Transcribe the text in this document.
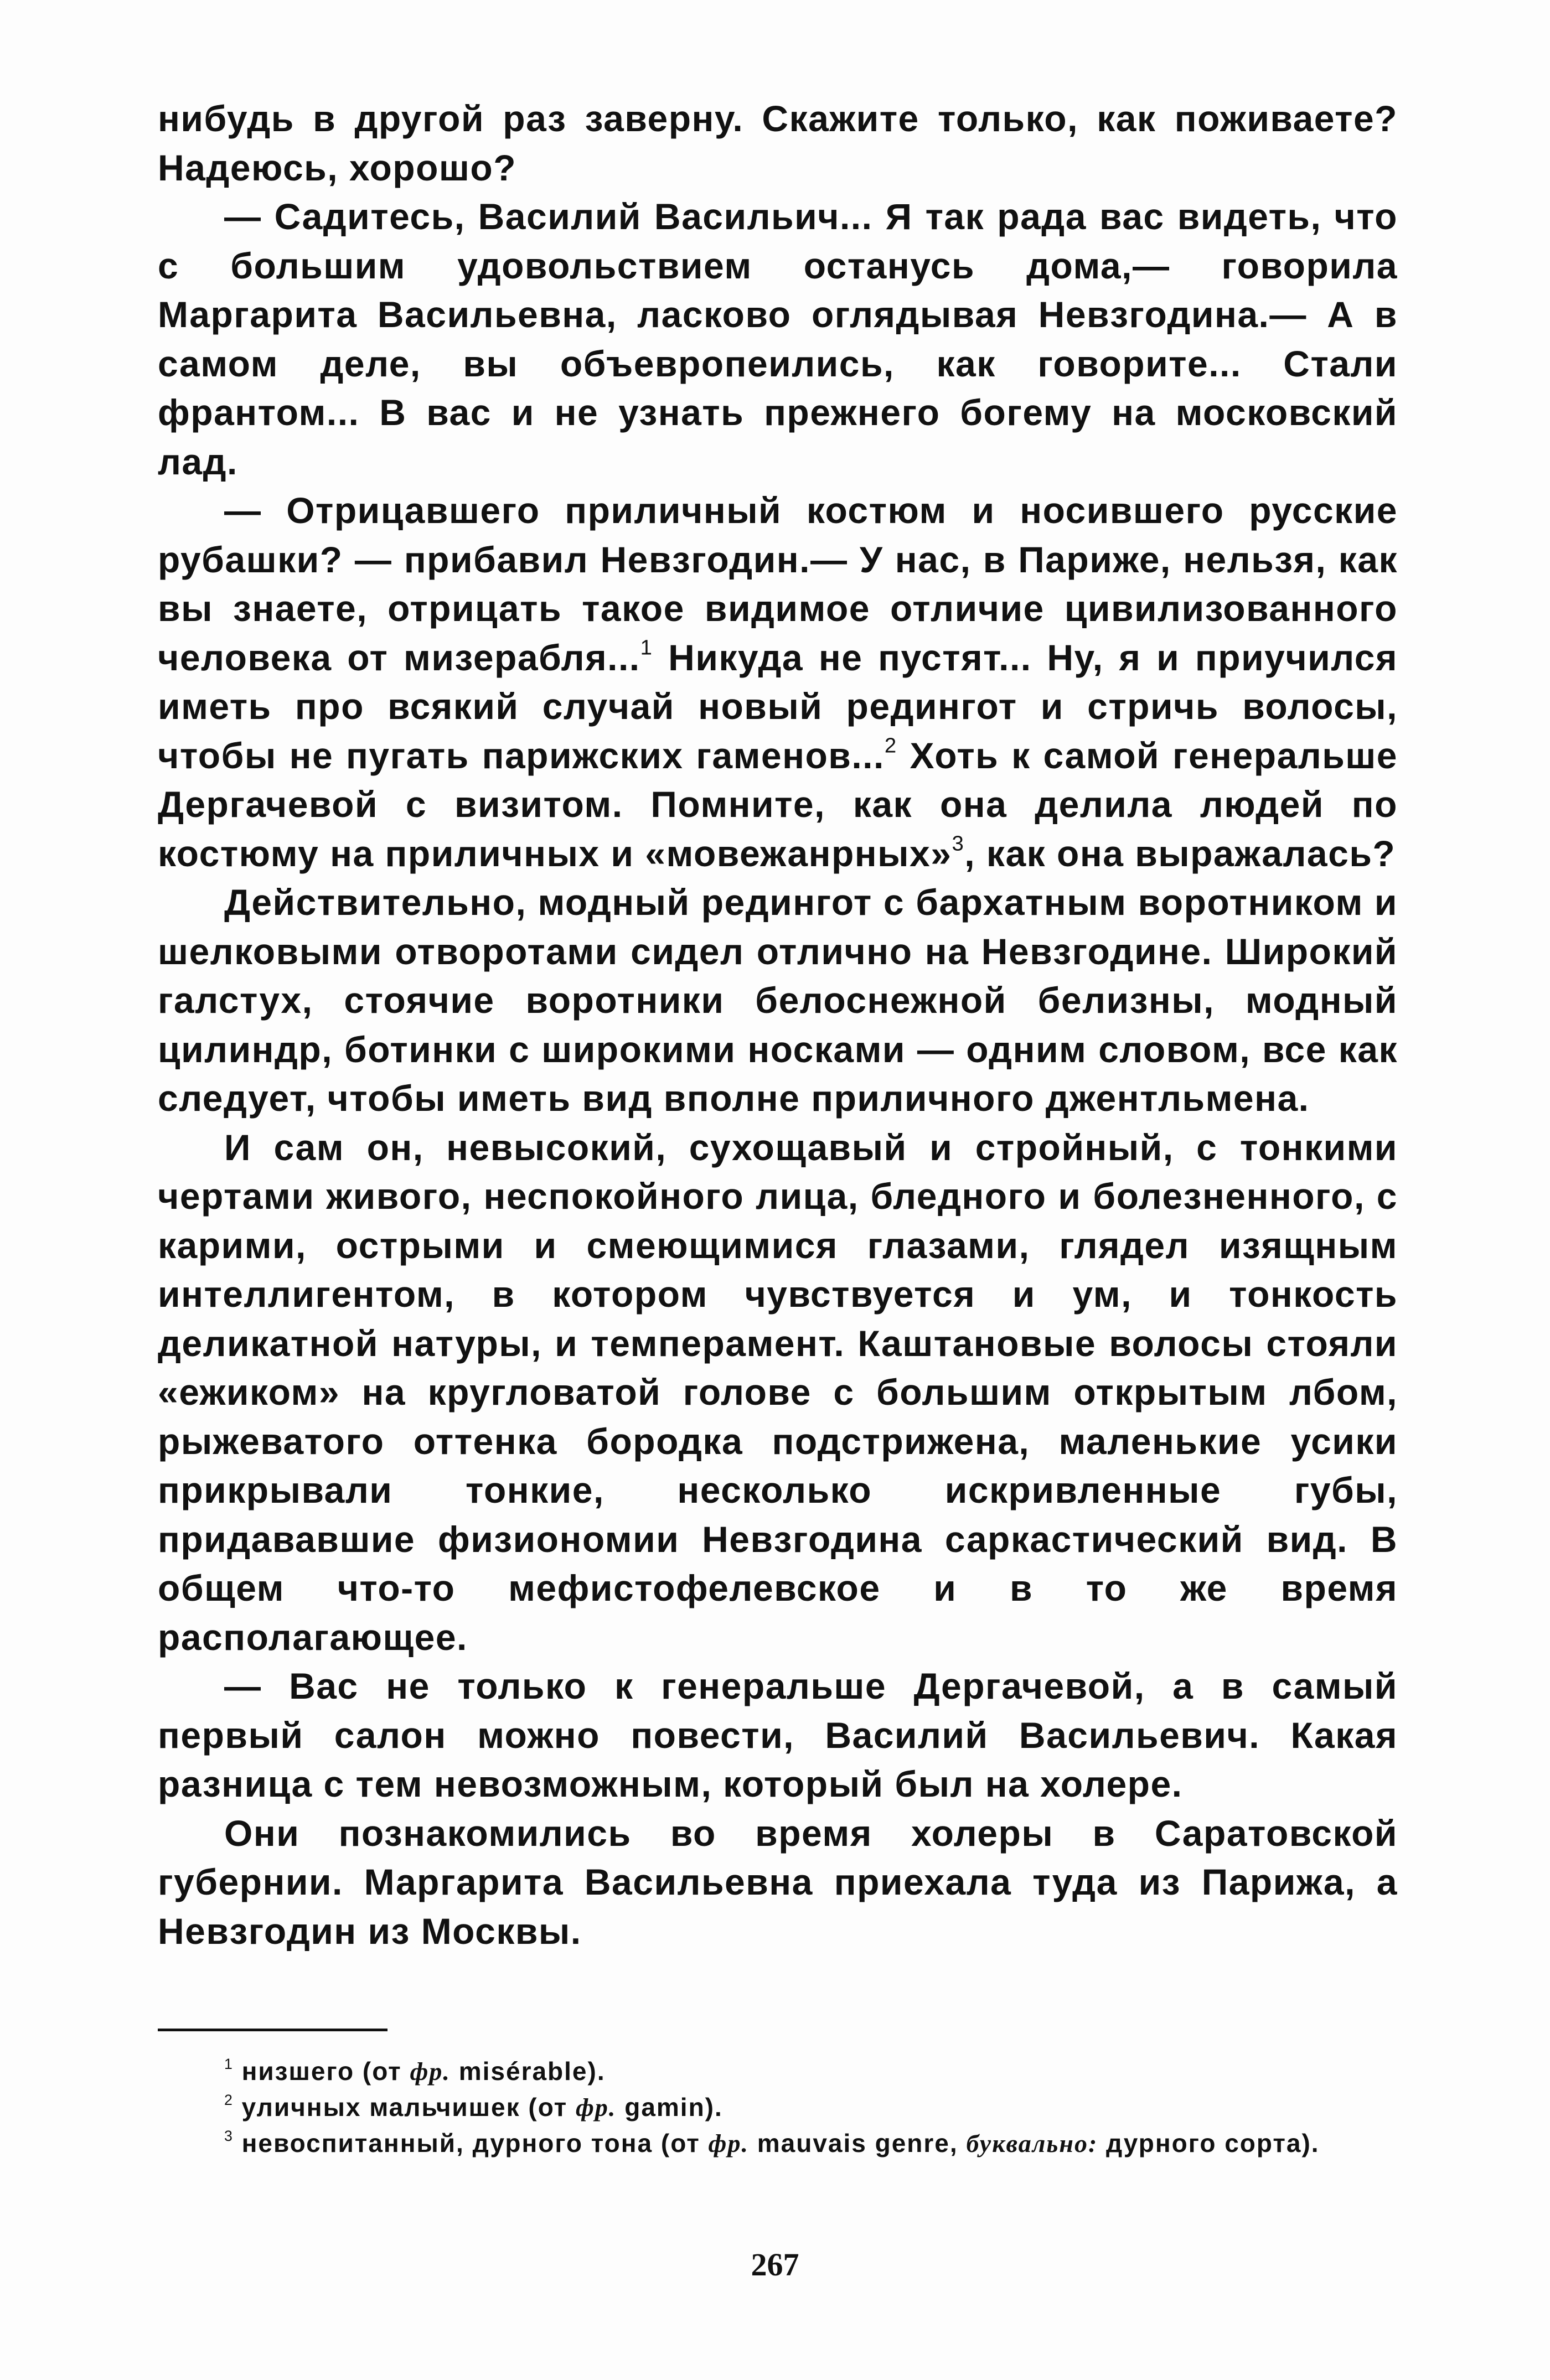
нибудь в другой раз заверну. Скажите только, как поживаете? Надеюсь, хорошо?

— Садитесь, Василий Васильич... Я так рада вас видеть, что с большим удовольствием останусь дома,— говорила Маргарита Васильевна, ласково оглядывая Невзгодина.— А в самом деле, вы объевропеились, как говорите... Стали франтом... В вас и не узнать прежнего богему на московский лад.

— Отрицавшего приличный костюм и носившего русские рубашки? — прибавил Невзгодин.— У нас, в Париже, нельзя, как вы знаете, отрицать такое видимое отличие цивилизованного человека от мизерабля...$^1$ Никуда не пустят... Ну, я и приучился иметь про всякий случай новый редингот и стричь волосы, чтобы не пугать парижских гаменов...$^2$ Хоть к самой генеральше Дергачевой с визитом. Помните, как она делила людей по костюму на приличных и «мовежанрных»$^3$, как она выражалась?

Действительно, модный редингот с бархатным воротником и шелковыми отворотами сидел отлично на Невзгодине. Широкий галстух, стоячие воротники белоснежной белизны, модный цилиндр, ботинки с широкими носками — одним словом, все как следует, чтобы иметь вид вполне приличного джентльмена.

И сам он, невысокий, сухощавый и стройный, с тонкими чертами живого, неспокойного лица, бледного и болезненного, с карими, острыми и смеющимися глазами, глядел изящным интеллигентом, в котором чувствуется и ум, и тонкость деликатной натуры, и темперамент. Каштановые волосы стояли «ежиком» на кругловатой голове с большим открытым лбом, рыжеватого оттенка бородка подстрижена, маленькие усики прикрывали тонкие, несколько искривленные губы, придававшие физиономии Невзгодина саркастический вид. В общем что-то мефистофелевское и в то же время располагающее.

— Вас не только к генеральше Дергачевой, а в самый первый салон можно повести, Василий Васильевич. Какая разница с тем невозможным, который был на холере.

Они познакомились во время холеры в Саратовской губернии. Маргарита Васильевна приехала туда из Парижа, а Невзгодин из Москвы.

$^1$ низшего (от фр. misérable).

$^2$ уличных мальчишек (от фр. gamin).

$^3$ невоспитанный, дурного тона (от фр. mauvais genre, буквально: дурного сорта).

267
